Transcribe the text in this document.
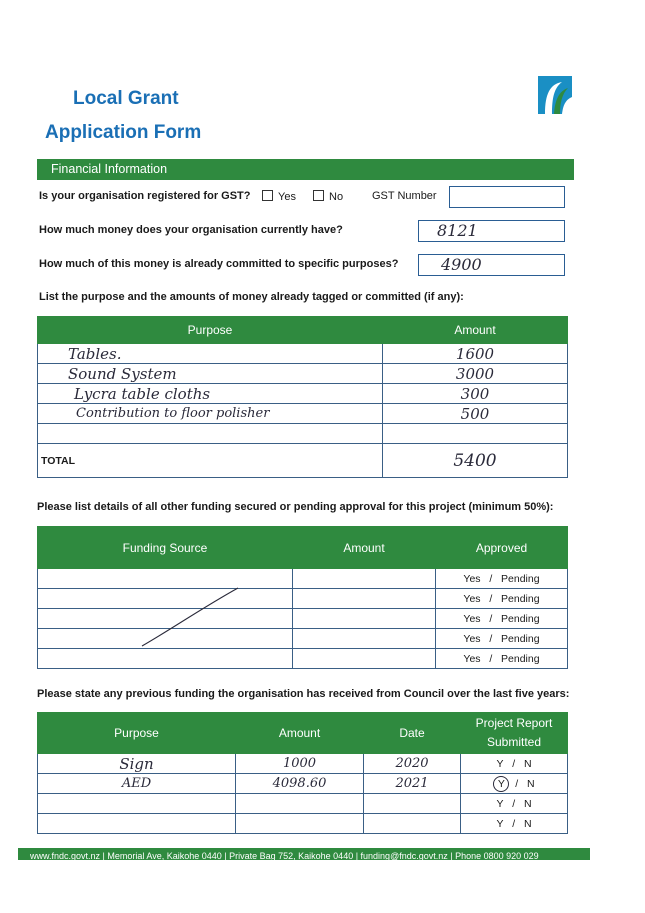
Local Grant
Application Form
Financial Information
Is your organisation registered for GST?	Yes	No	GST Number
How much money does your organisation currently have?	8121
How much of this money is already committed to specific purposes?	4900
List the purpose and the amounts of money already tagged or committed (if any):
Purpose	Amount
Tables.	1600
Sound System	3000
Lycra table cloths	300
Contribution to floor polisher	500

TOTAL	5400
Please list details of all other funding secured or pending approval for this project (minimum 50%):
Funding Source	Amount	Approved
		Yes / Pending
		Yes / Pending
		Yes / Pending
		Yes / Pending
		Yes / Pending
Please state any previous funding the organisation has received from Council over the last five years:
Purpose	Amount	Date	Project Report Submitted
Sign	1000	2020	Y / N
AED	4098.60	2021	Y / N
			Y / N
			Y / N
www.fndc.govt.nz | Memorial Ave, Kaikohe 0440 | Private Bag 752, Kaikohe 0440 | funding@fndc.govt.nz | Phone 0800 920 029
